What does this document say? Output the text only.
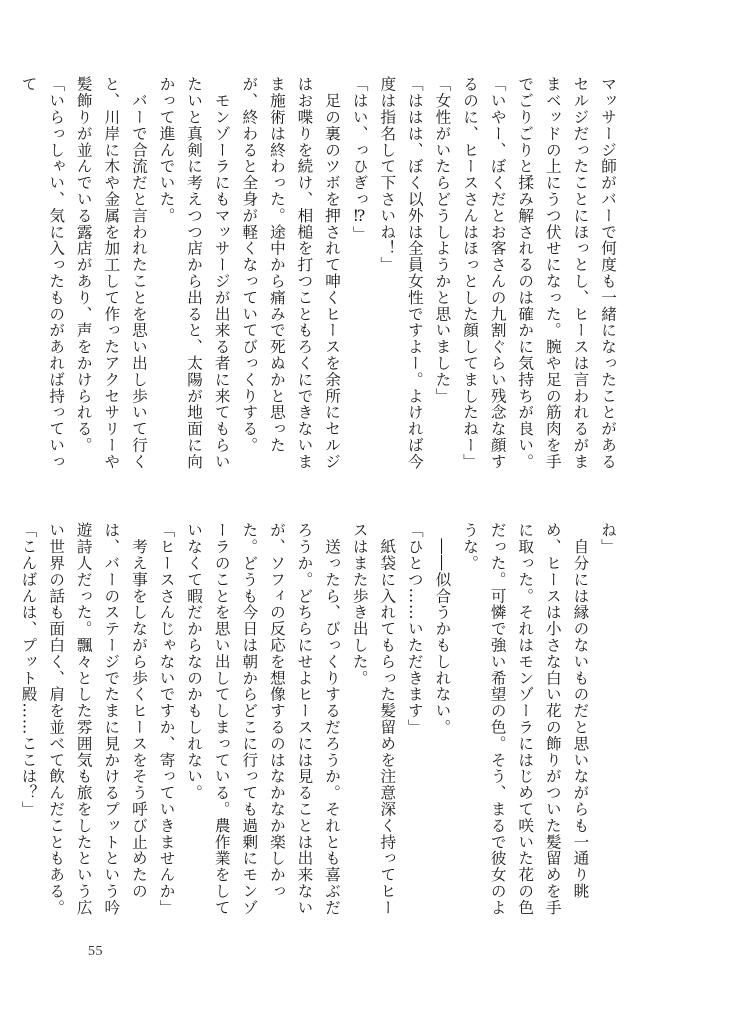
マッサージ師がバーで何度も一緒になったことがあるセルジだったことにほっとし、ヒースは言われるがままベッドの上にうつ伏せになった。腕や足の筋肉を手でごりごりと揉み解されるのは確かに気持ちが良い。

「いやー、ぼくだとお客さんの九割ぐらい残念な顔するのに、ヒースさんはほっとした顔してましたねー」

「女性がいたらどうしようかと思いました」

「ははは、ぼく以外は全員女性ですよー。よければ今度は指名して下さいね！」

「はい、っひぎっ⁉」

　足の裏のツボを押されて呻くヒースを余所にセルジはお喋りを続け、相槌を打つこともろくにできないまま施術は終わった。途中から痛みで死ぬかと思ったが、終わると全身が軽くなっていてびっくりする。

　モンゾーラにもマッサージが出来る者に来てもらいたいと真剣に考えつつ店から出ると、太陽が地面に向かって進んでいた。

　バーで合流だと言われたことを思い出し歩いて行くと、川岸に木や金属を加工して作ったアクセサリーや髪飾りが並んでいる露店があり、声をかけられる。

「いらっしゃい、気に入ったものがあれば持っていって

ね」

　自分には縁のないものだと思いながらも一通り眺め、ヒースは小さな白い花の飾りがついた髪留めを手に取った。それはモンゾーラにはじめて咲いた花の色だった。可憐で強い希望の色。そう、まるで彼女のような。

　――似合うかもしれない。

「ひとつ……いただきます」

　紙袋に入れてもらった髪留めを注意深く持ってヒースはまた歩き出した。

　送ったら、びっくりするだろうか。それとも喜ぶだろうか。どちらにせよヒースには見ることは出来ないが、ソフィの反応を想像するのはなかなか楽しかった。どうも今日は朝からどこに行っても過剰にモンゾーラのことを思い出してしまっている。農作業をしていなくて暇だからなのかもしれない。

「ヒースさんじゃないですか、寄っていきませんか」

　考え事をしながら歩くヒースをそう呼び止めたのは、バーのステージでたまに見かけるプットという吟遊詩人だった。飄々とした雰囲気も旅をしたという広い世界の話も面白く、肩を並べて飲んだこともある。

「こんばんは、プット殿……ここは？」

55
